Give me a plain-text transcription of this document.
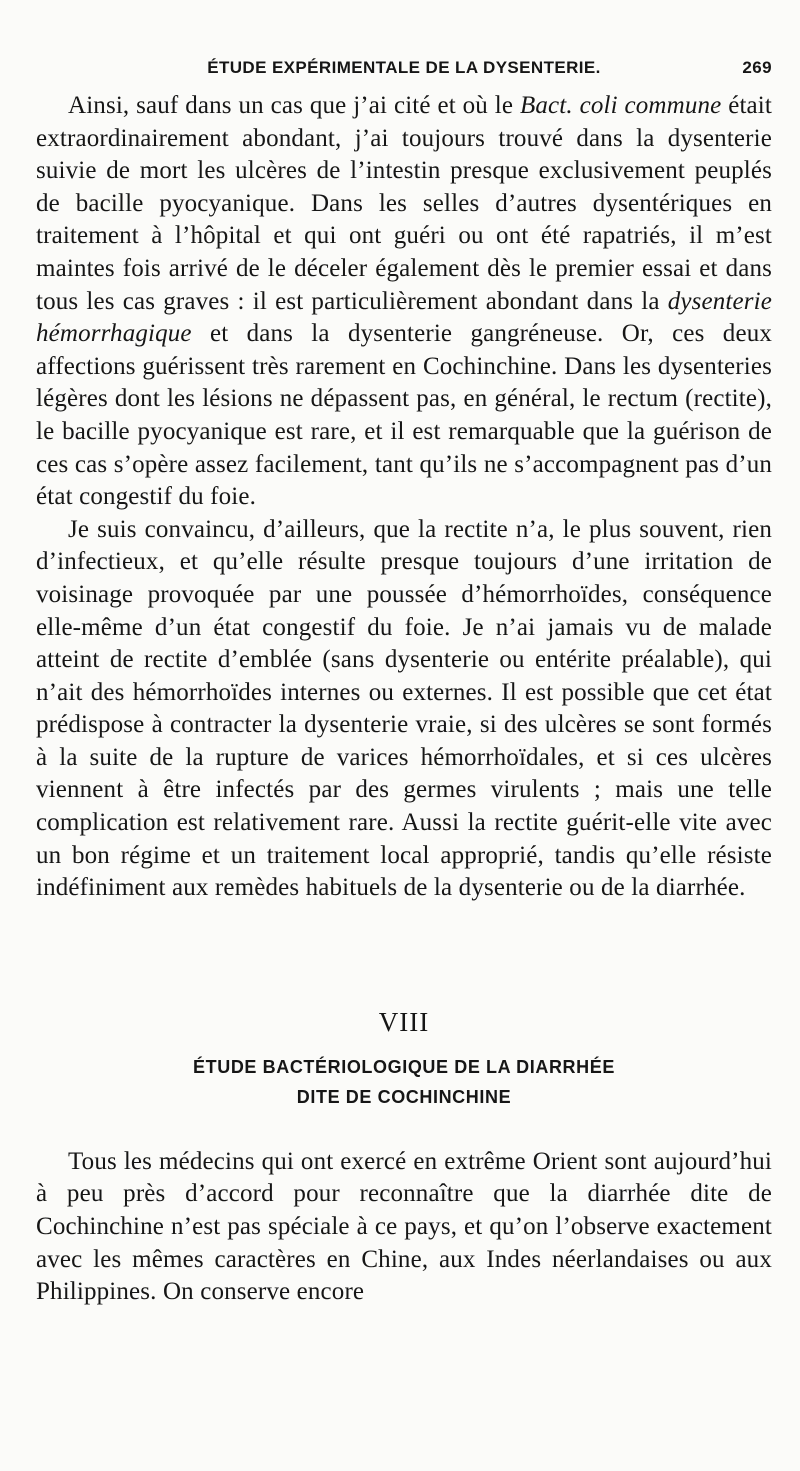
ÉTUDE EXPÉRIMENTALE DE LA DYSENTERIE.	269

Ainsi, sauf dans un cas que j’ai cité et où le Bact. coli commune était extraordinairement abondant, j’ai toujours trouvé dans la dysenterie suivie de mort les ulcères de l’intestin presque exclusivement peuplés de bacille pyocyanique. Dans les selles d’autres dysentériques en traitement à l’hôpital et qui ont guéri ou ont été rapatriés, il m’est maintes fois arrivé de le déceler également dès le premier essai et dans tous les cas graves : il est particulièrement abondant dans la dysenterie hémorrhagique et dans la dysenterie gangréneuse. Or, ces deux affections guérissent très rarement en Cochinchine. Dans les dysenteries légères dont les lésions ne dépassent pas, en général, le rectum (rectite), le bacille pyocyanique est rare, et il est remarquable que la guérison de ces cas s’opère assez facilement, tant qu’ils ne s’accompagnent pas d’un état congestif du foie.

Je suis convaincu, d’ailleurs, que la rectite n’a, le plus souvent, rien d’infectieux, et qu’elle résulte presque toujours d’une irritation de voisinage provoquée par une poussée d’hémorrhoïdes, conséquence elle-même d’un état congestif du foie. Je n’ai jamais vu de malade atteint de rectite d’emblée (sans dysenterie ou entérite préalable), qui n’ait des hémorrhoïdes internes ou externes. Il est possible que cet état prédispose à contracter la dysenterie vraie, si des ulcères se sont formés à la suite de la rupture de varices hémorrhoïdales, et si ces ulcères viennent à être infectés par des germes virulents ; mais une telle complication est relativement rare. Aussi la rectite guérit-elle vite avec un bon régime et un traitement local approprié, tandis qu’elle résiste indéfiniment aux remèdes habituels de la dysenterie ou de la diarrhée.

VIII
ÉTUDE BACTÉRIOLOGIQUE DE LA DIARRHÉE
DITE DE COCHINCHINE

Tous les médecins qui ont exercé en extrême Orient sont aujourd’hui à peu près d’accord pour reconnaître que la diarrhée dite de Cochinchine n’est pas spéciale à ce pays, et qu’on l’observe exactement avec les mêmes caractères en Chine, aux Indes néerlandaises ou aux Philippines. On conserve encore
